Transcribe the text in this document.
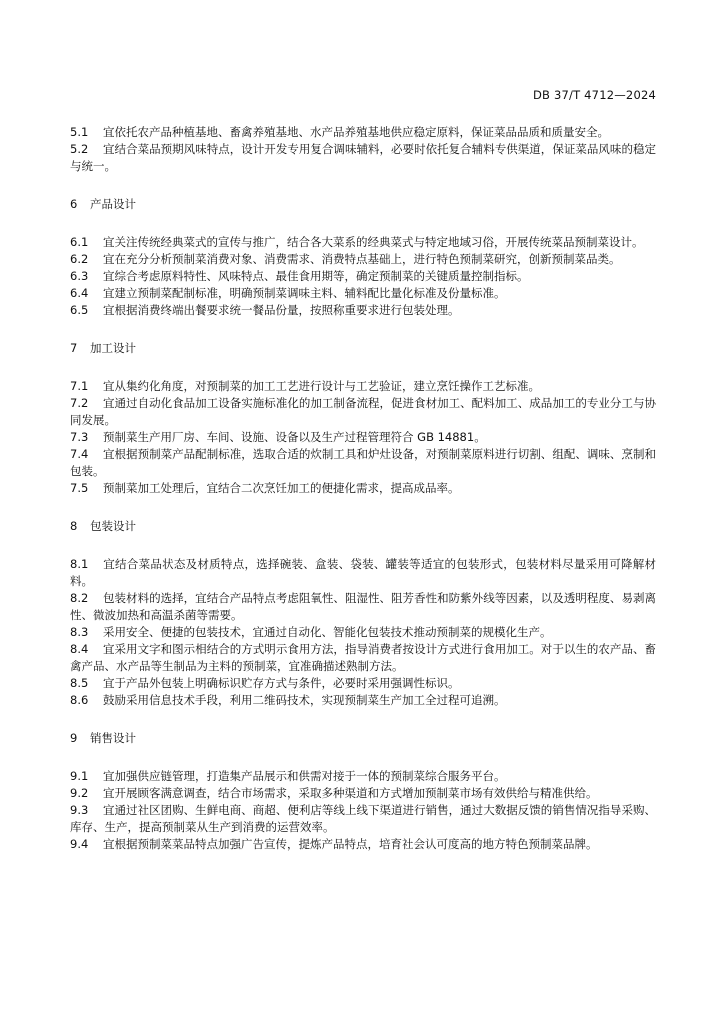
DB 37/T 4712—2024

5.1 宜依托农产品种植基地、畜禽养殖基地、水产品养殖基地供应稳定原料，保证菜品品质和质量安全。

5.2 宜结合菜品预期风味特点，设计开发专用复合调味辅料，必要时依托复合辅料专供渠道，保证菜品风味的稳定与统一。

6 产品设计

6.1 宜关注传统经典菜式的宣传与推广，结合各大菜系的经典菜式与特定地域习俗，开展传统菜品预制菜设计。

6.2 宜在充分分析预制菜消费对象、消费需求、消费特点基础上，进行特色预制菜研究，创新预制菜品类。

6.3 宜综合考虑原料特性、风味特点、最佳食用期等，确定预制菜的关键质量控制指标。

6.4 宜建立预制菜配制标准，明确预制菜调味主料、辅料配比量化标准及份量标准。

6.5 宜根据消费终端出餐要求统一餐品份量，按照称重要求进行包装处理。

7 加工设计

7.1 宜从集约化角度，对预制菜的加工工艺进行设计与工艺验证，建立烹饪操作工艺标准。

7.2 宜通过自动化食品加工设备实施标准化的加工制备流程，促进食材加工、配料加工、成品加工的专业分工与协同发展。

7.3 预制菜生产用厂房、车间、设施、设备以及生产过程管理符合 GB 14881。

7.4 宜根据预制菜产品配制标准，选取合适的炊制工具和炉灶设备，对预制菜原料进行切割、组配、调味、烹制和包装。

7.5 预制菜加工处理后，宜结合二次烹饪加工的便捷化需求，提高成品率。

8 包装设计

8.1 宜结合菜品状态及材质特点，选择碗装、盒装、袋装、罐装等适宜的包装形式，包装材料尽量采用可降解材料。

8.2 包装材料的选择，宜结合产品特点考虑阻氧性、阻湿性、阻芳香性和防紫外线等因素，以及透明程度、易剥离性、微波加热和高温杀菌等需要。

8.3 采用安全、便捷的包装技术，宜通过自动化、智能化包装技术推动预制菜的规模化生产。

8.4 宜采用文字和图示相结合的方式明示食用方法，指导消费者按设计方式进行食用加工。对于以生的农产品、畜禽产品、水产品等生制品为主料的预制菜，宜准确描述熟制方法。

8.5 宜于产品外包装上明确标识贮存方式与条件，必要时采用强调性标识。

8.6 鼓励采用信息技术手段，利用二维码技术，实现预制菜生产加工全过程可追溯。

9 销售设计

9.1 宜加强供应链管理，打造集产品展示和供需对接于一体的预制菜综合服务平台。

9.2 宜开展顾客满意调查，结合市场需求，采取多种渠道和方式增加预制菜市场有效供给与精准供给。

9.3 宜通过社区团购、生鲜电商、商超、便利店等线上线下渠道进行销售，通过大数据反馈的销售情况指导采购、库存、生产，提高预制菜从生产到消费的运营效率。

9.4 宜根据预制菜菜品特点加强广告宣传，提炼产品特点，培育社会认可度高的地方特色预制菜品牌。
